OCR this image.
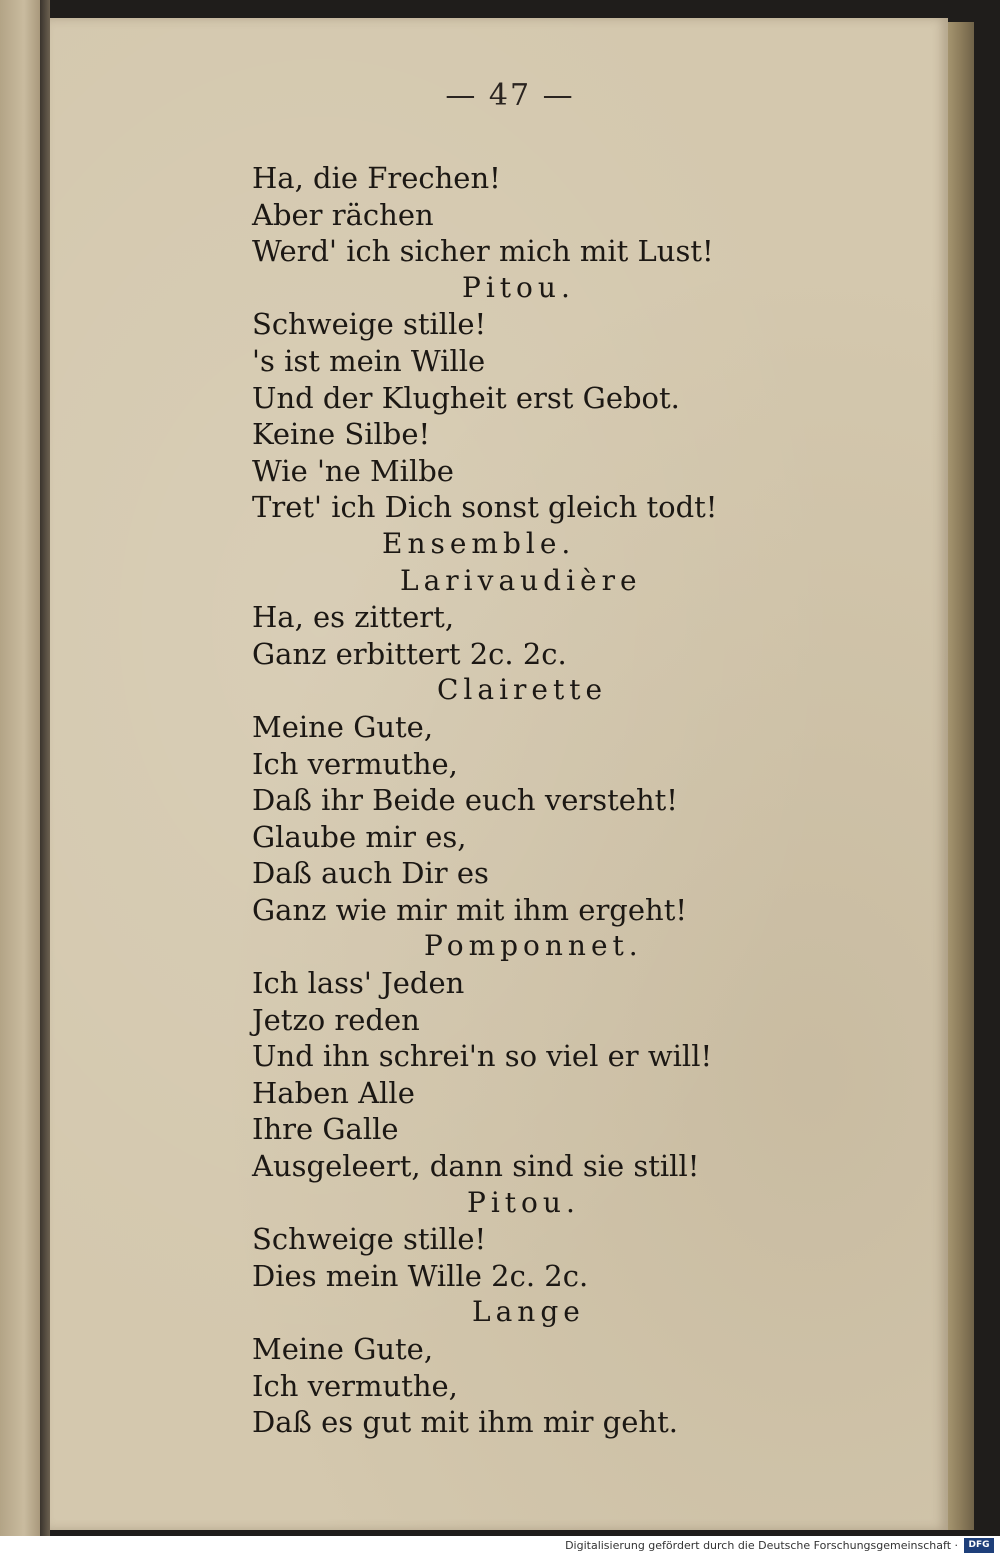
— 47 —
Ha, die Frechen!
Aber rächen
Werd' ich sicher mich mit Lust!
Pitou.
Schweige stille!
's ist mein Wille
Und der Klugheit erst Gebot.
Keine Silbe!
Wie 'ne Milbe
Tret' ich Dich sonst gleich todt!
Ensemble.
Larivaudière
Ha, es zittert,
Ganz erbittert 2c. 2c.
Clairette
Meine Gute,
Ich vermuthe,
Daß ihr Beide euch versteht!
Glaube mir es,
Daß auch Dir es
Ganz wie mir mit ihm ergeht!
Pomponnet.
Ich lass' Jeden
Jetzo reden
Und ihn schrei'n so viel er will!
Haben Alle
Ihre Galle
Ausgeleert, dann sind sie still!
Pitou.
Schweige stille!
Dies mein Wille 2c. 2c.
Lange
Meine Gute,
Ich vermuthe,
Daß es gut mit ihm mir geht.
Digitalisierung gefördert durch die Deutsche Forschungsgemeinschaft ·	DFG
